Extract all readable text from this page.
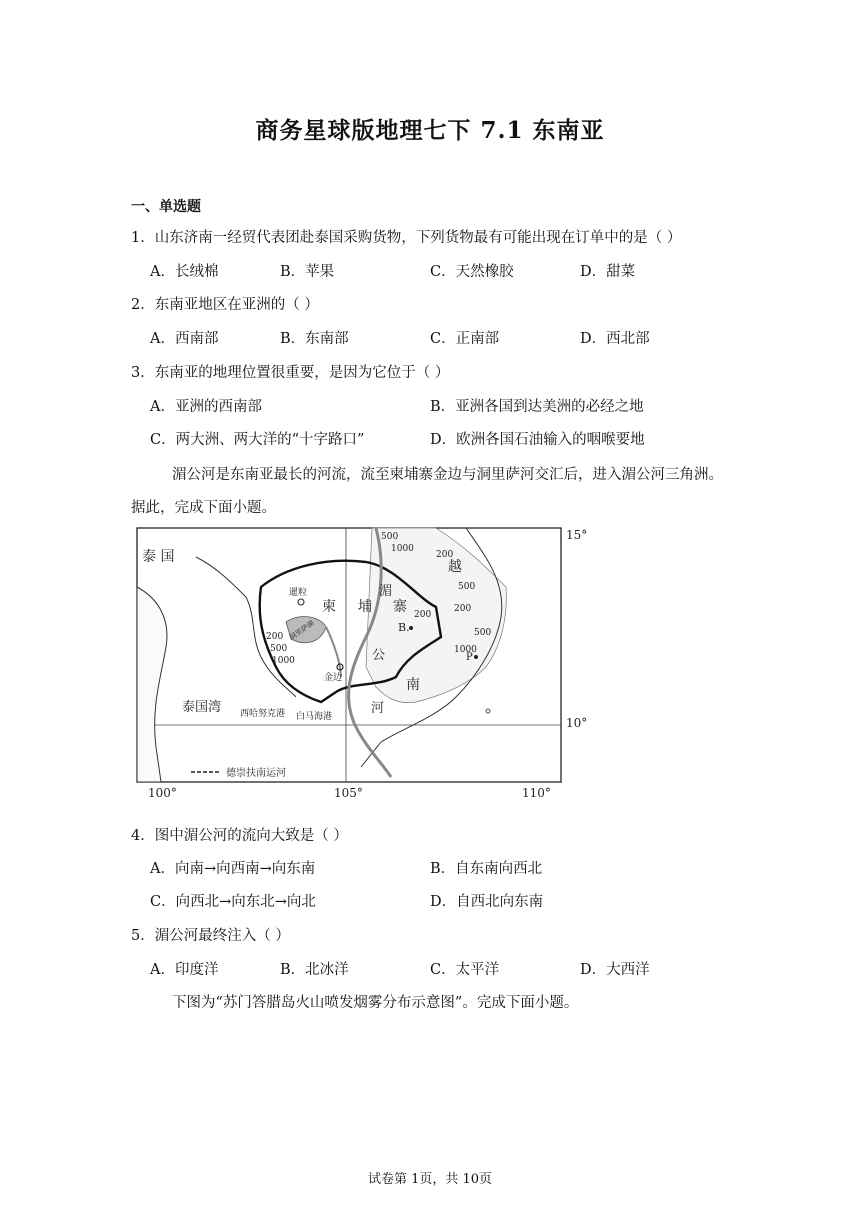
商务星球版地理七下 7.1 东南亚
一、单选题
1．山东济南一经贸代表团赴泰国采购货物，下列货物最有可能出现在订单中的是（ ）
A．长绒棉	B．苹果	C．天然橡胶	D．甜菜
2．东南亚地区在亚洲的（ ）
A．西南部	B．东南部	C．正南部	D．西北部
3．东南亚的地理位置很重要，是因为它位于（ ）
A．亚洲的西南部	B．亚洲各国到达美洲的必经之地
C．两大洲、两大洋的“十字路口”	D．欧洲各国石油输入的咽喉要地
湄公河是东南亚最长的河流，流至柬埔寨金边与洞里萨河交汇后，进入湄公河三角洲。
据此，完成下面小题。
15°
10°
100°	105°	110°
泰 国
柬 埔 寨
越
南
湄
公
河
暹粒
金边
B.
P
泰国湾 西哈努克港 白马海港
洞里萨湖
500
1000
200
200
500
1000
200
1000
500
200
500
德崇扶南运河
4．图中湄公河的流向大致是（ ）
A．向南→向西南→向东南	B．自东南向西北
C．向西北→向东北→向北	D．自西北向东南
5．湄公河最终注入（ ）
A．印度洋	B．北冰洋	C．太平洋	D．大西洋
下图为“苏门答腊岛火山喷发烟雾分布示意图”。完成下面小题。
试卷第 1页，共 10页
